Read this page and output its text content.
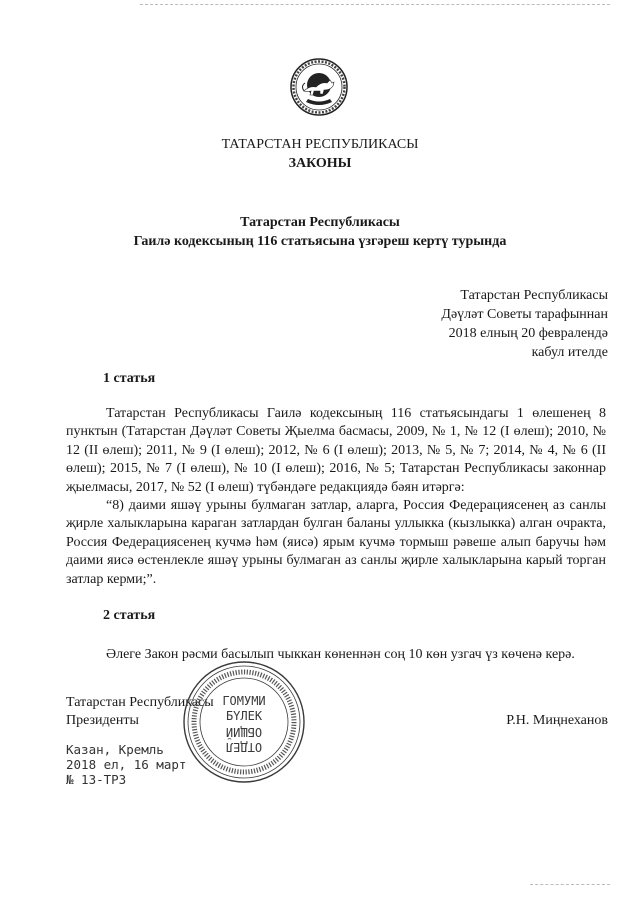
ТАТАРСТАН РЕСПУБЛИКАСЫ
ЗАКОНЫ
Татарстан Республикасы
Гаилә кодексының 116 статьясына үзгәреш кертү турында
Татарстан Республикасы
Дәүләт Советы тарафыннан
2018 елның 20 февралендә
кабул ителде
1 статья

Татарстан Республикасы Гаилә кодексының 116 статьясындагы 1 өлешенең 8 пунктын (Татарстан Дәүләт Советы Җыелма басмасы, 2009, № 1, № 12 (I өлеш); 2010, № 12 (II өлеш); 2011, № 9 (I өлеш); 2012, № 6 (I өлеш); 2013, № 5, № 7; 2014, № 4, № 6 (II өлеш); 2015, № 7 (I өлеш), № 10 (I өлеш); 2016, № 5; Татарстан Республикасы законнар җыелмасы, 2017, № 52 (I өлеш) түбәндәге редакциядә бәян итәргә:

“8) даими яшәү урыны булмаган затлар, аларга, Россия Федерациясенең аз санлы җирле халыкларына караган затлардан булган баланы уллыкка (кызлыкка) алган очракта, Россия Федерациясенең кучмә һәм (яисә) ярым кучмә тормыш рәвеше алып баручы һәм даими яисә өстенлекле яшәү урыны булмаган аз санлы җирле халыкларына карый торган затлар керми;”.

2 статья

Әлеге Закон рәсми басылып чыккан көненнән соң 10 көн узгач үз көченә керә.

Татарстан Республикасы
Президенты	Р.Н. Миңнеханов
Казан, Кремль
2018 ел, 16 март
№ 13-ТРЗ
ГОМУМИ
БҮЛЕК
ОБЩИЙ
ОТДЕЛ
